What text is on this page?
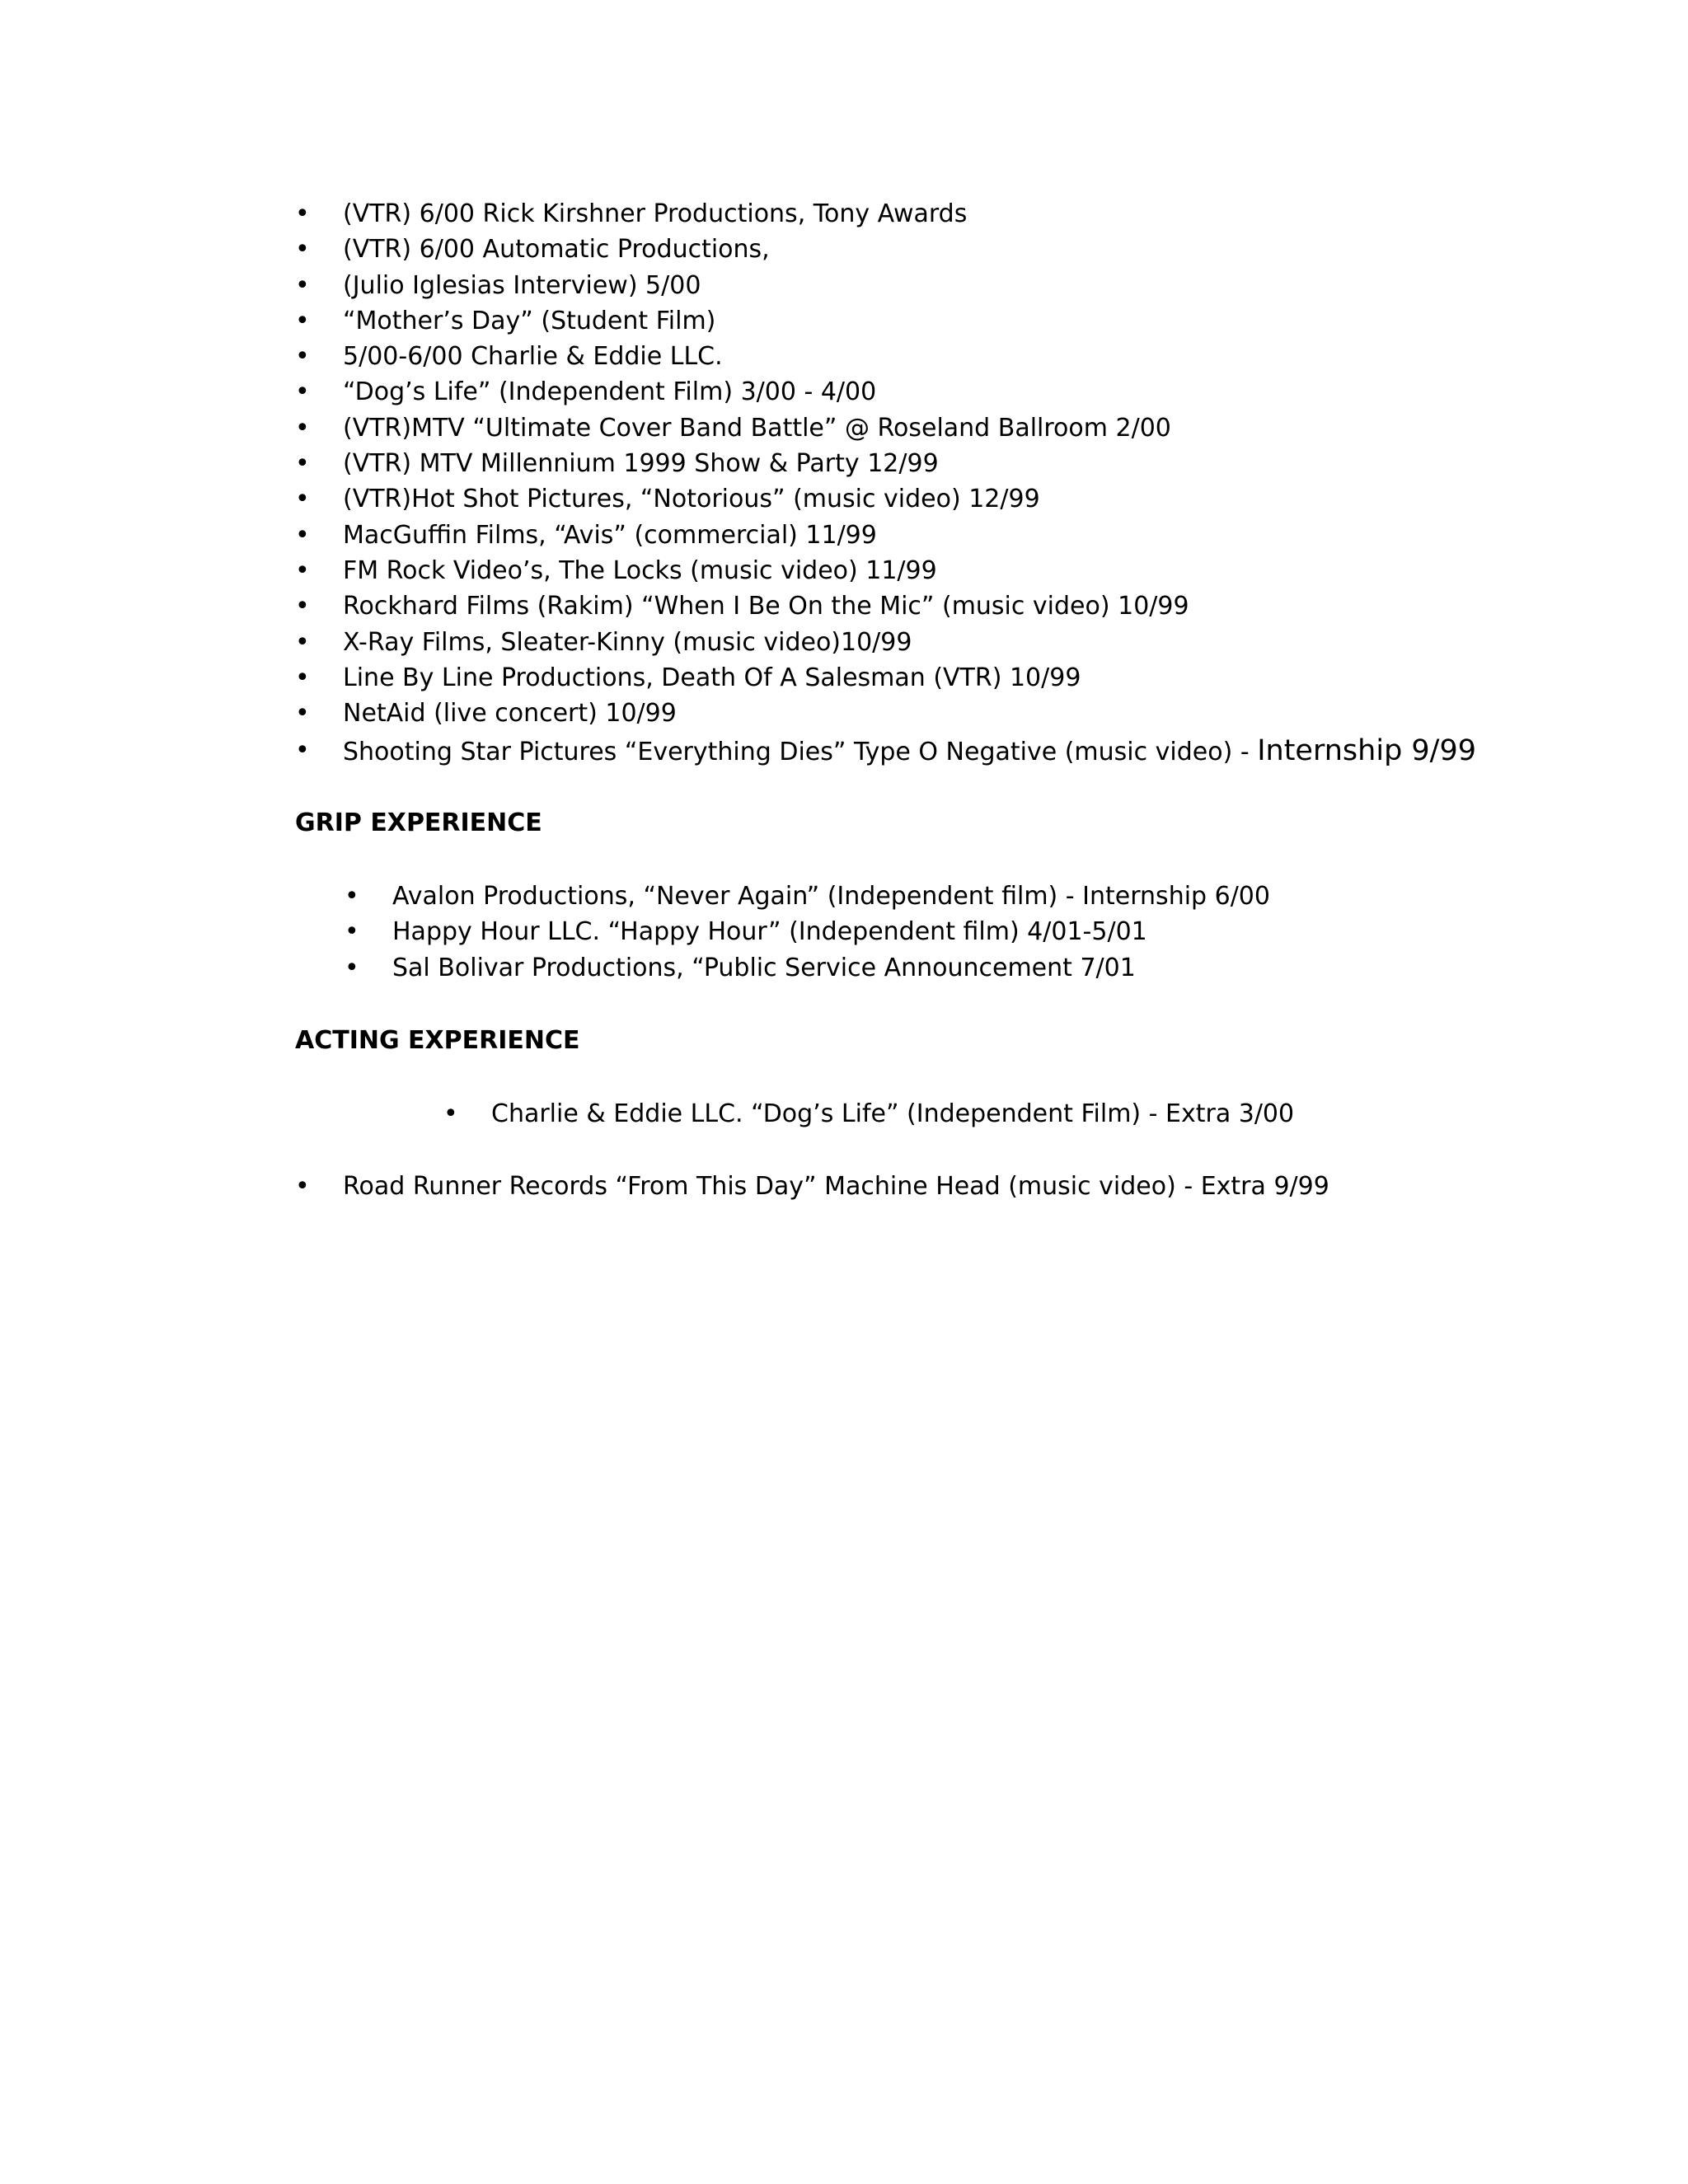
• (VTR) 6/00 Rick Kirshner Productions, Tony Awards
• (VTR) 6/00 Automatic Productions,
• (Julio Iglesias Interview) 5/00
• “Mother’s Day” (Student Film)
• 5/00-6/00 Charlie & Eddie LLC.
• “Dog’s Life” (Independent Film) 3/00 - 4/00
• (VTR)MTV “Ultimate Cover Band Battle” @ Roseland Ballroom 2/00
• (VTR) MTV Millennium 1999 Show & Party 12/99
• (VTR)Hot Shot Pictures, “Notorious” (music video) 12/99
• MacGuffin Films, “Avis” (commercial) 11/99
• FM Rock Video’s, The Locks (music video) 11/99
• Rockhard Films (Rakim) “When I Be On the Mic” (music video) 10/99
• X-Ray Films, Sleater-Kinny (music video)10/99
• Line By Line Productions, Death Of A Salesman (VTR) 10/99
• NetAid (live concert) 10/99
• Shooting Star Pictures “Everything Dies” Type O Negative (music video) - Internship 9/99
GRIP EXPERIENCE
• Avalon Productions, “Never Again” (Independent film) - Internship 6/00
• Happy Hour LLC. “Happy Hour” (Independent film) 4/01-5/01
• Sal Bolivar Productions, “Public Service Announcement 7/01
ACTING EXPERIENCE
• Charlie & Eddie LLC. “Dog’s Life” (Independent Film) - Extra 3/00
• Road Runner Records “From This Day” Machine Head (music video) - Extra 9/99
